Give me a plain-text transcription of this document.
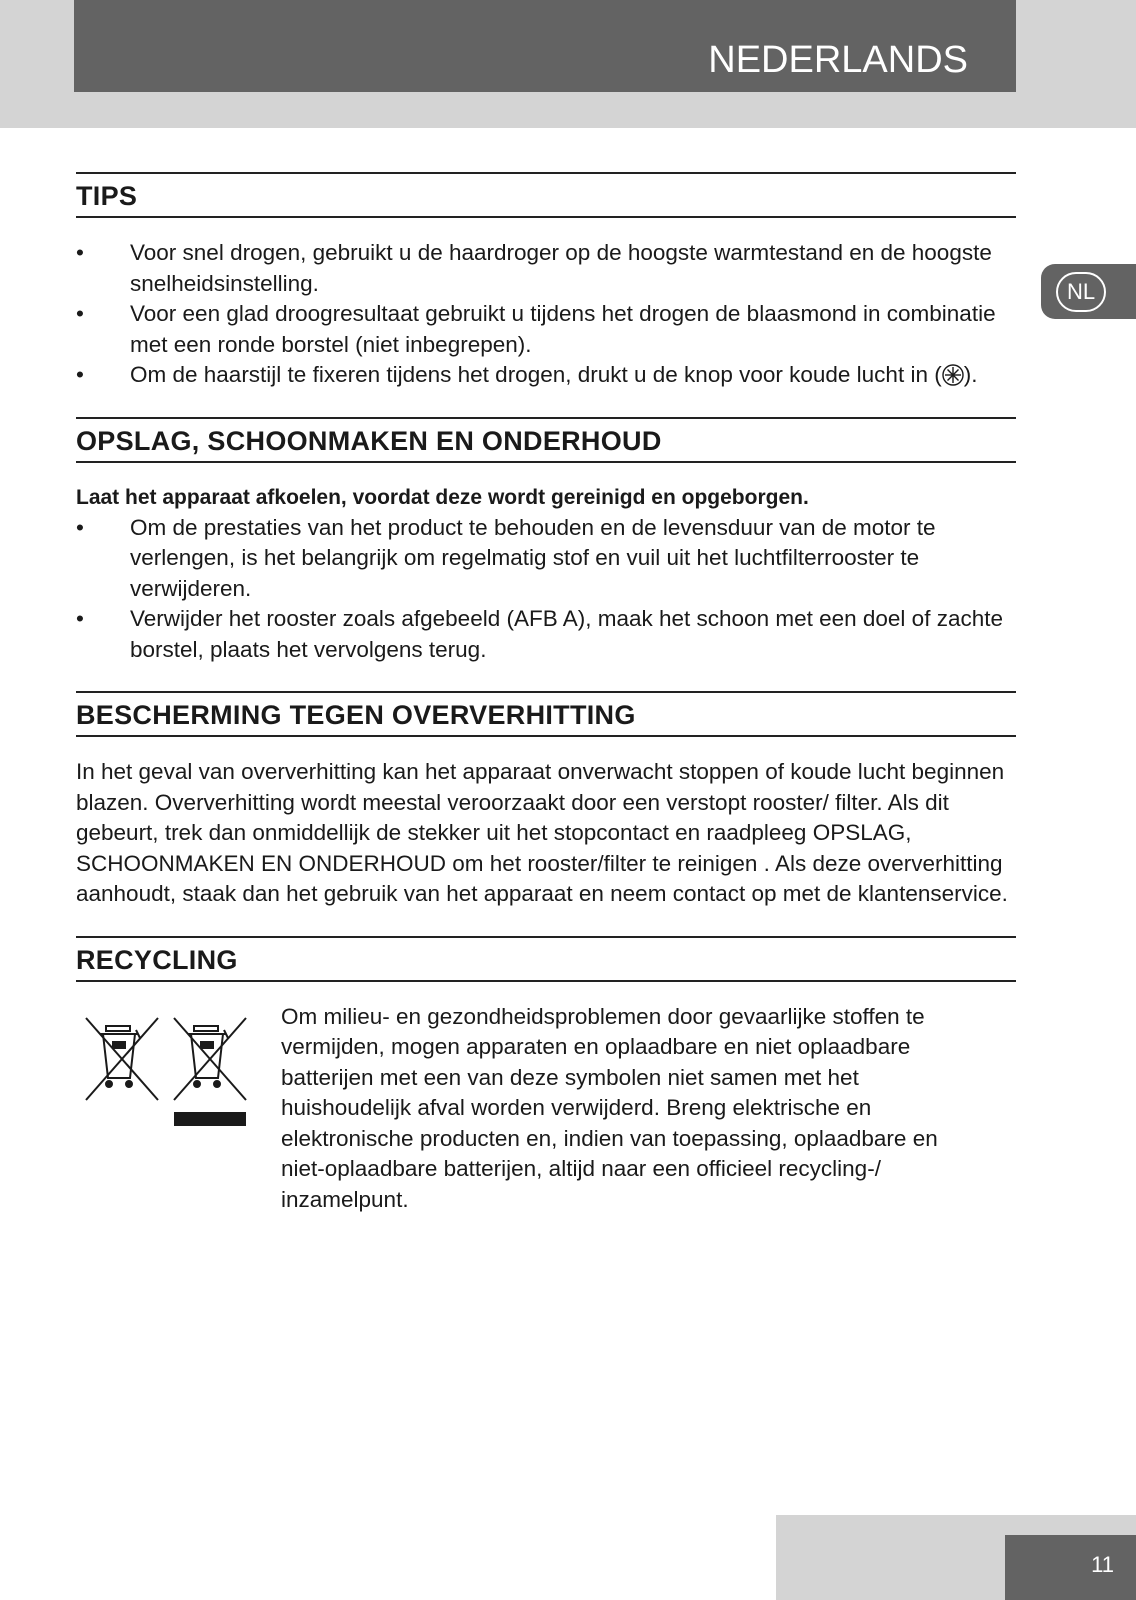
NEDERLANDS
NL
TIPS
• Voor snel drogen, gebruikt u de haardroger op de hoogste warmtestand en de hoogste snelheidsinstelling.
• Voor een glad droogresultaat gebruikt u tijdens het drogen de blaasmond in combinatie met een ronde borstel (niet inbegrepen).
• Om de haarstijl te fixeren tijdens het drogen, drukt u de knop voor koude lucht in ( ).
OPSLAG, SCHOONMAKEN EN ONDERHOUD

Laat het apparaat afkoelen, voordat deze wordt gereinigd en opgeborgen.

• Om de prestaties van het product te behouden en de levensduur van de motor te verlengen, is het belangrijk om regelmatig stof en vuil uit het luchtfilterrooster te verwijderen.
• Verwijder het rooster zoals afgebeeld (AFB A), maak het schoon met een doel of zachte borstel, plaats het vervolgens terug.
BESCHERMING TEGEN OVERVERHITTING

In het geval van oververhitting kan het apparaat onverwacht stoppen of koude lucht beginnen blazen. Oververhitting wordt meestal veroorzaakt door een verstopt rooster/ filter. Als dit gebeurt, trek dan onmiddellijk de stekker uit het stopcontact en raadpleeg OPSLAG, SCHOONMAKEN EN ONDERHOUD om het rooster/filter te reinigen . Als deze oververhitting aanhoudt, staak dan het gebruik van het apparaat en neem contact op met de klantenservice.

RECYCLING

Om milieu- en gezondheidsproblemen door gevaarlijke stoffen te vermijden, mogen apparaten en oplaadbare en niet oplaadbare batterijen met een van deze symbolen niet samen met het huishoudelijk afval worden verwijderd. Breng elektrische en elektronische producten en, indien van toepassing, oplaadbare en niet-oplaadbare batterijen, altijd naar een officieel recycling-/ inzamelpunt.

11
